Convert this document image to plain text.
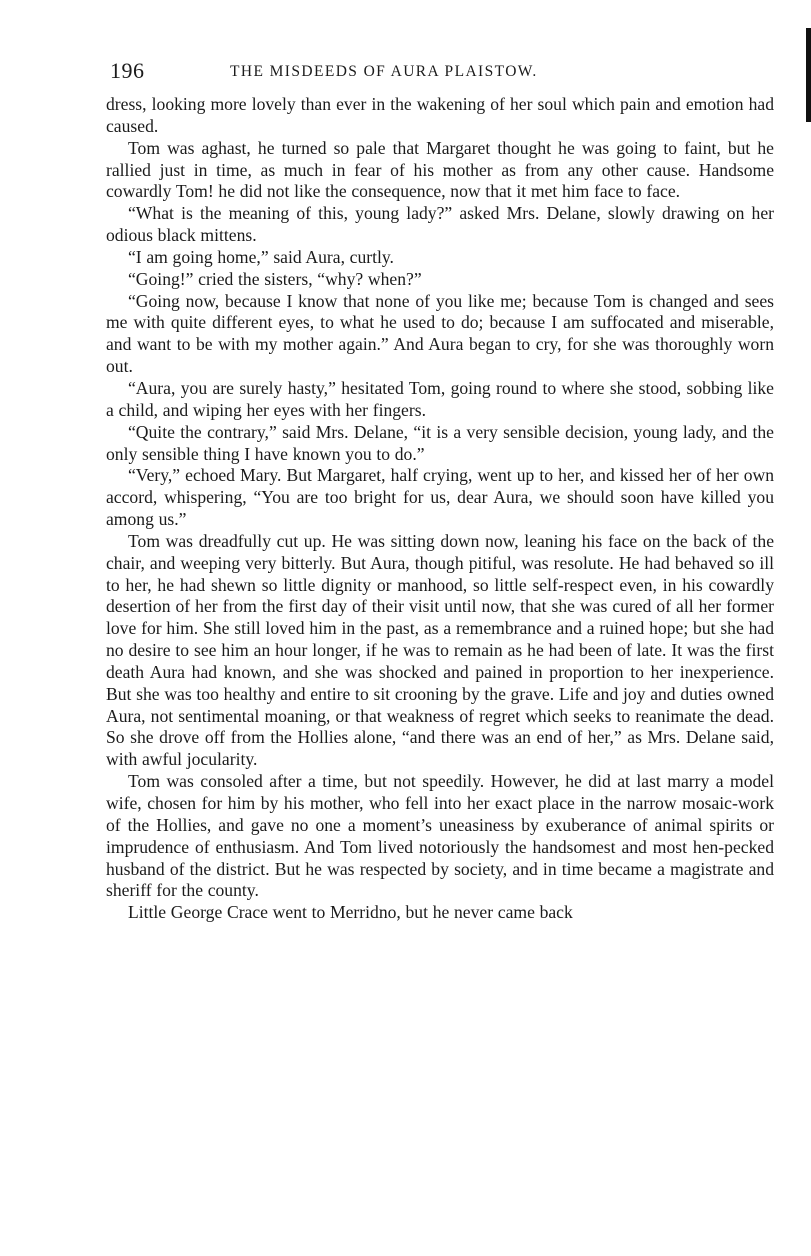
196	THE MISDEEDS OF AURA PLAISTOW.

dress, looking more lovely than ever in the wakening of her soul which pain and emotion had caused.

Tom was aghast, he turned so pale that Margaret thought he was going to faint, but he rallied just in time, as much in fear of his mother as from any other cause. Handsome cowardly Tom! he did not like the consequence, now that it met him face to face.

“What is the meaning of this, young lady?” asked Mrs. Delane, slowly drawing on her odious black mittens.

“I am going home,” said Aura, curtly.

“Going!” cried the sisters, “why? when?”

“Going now, because I know that none of you like me; because Tom is changed and sees me with quite different eyes, to what he used to do; because I am suffocated and miserable, and want to be with my mother again.” And Aura began to cry, for she was thoroughly worn out.

“Aura, you are surely hasty,” hesitated Tom, going round to where she stood, sobbing like a child, and wiping her eyes with her fingers.

“Quite the contrary,” said Mrs. Delane, “it is a very sensible decision, young lady, and the only sensible thing I have known you to do.”

“Very,” echoed Mary. But Margaret, half crying, went up to her, and kissed her of her own accord, whispering, “You are too bright for us, dear Aura, we should soon have killed you among us.”

Tom was dreadfully cut up. He was sitting down now, leaning his face on the back of the chair, and weeping very bitterly. But Aura, though pitiful, was resolute. He had behaved so ill to her, he had shewn so little dignity or manhood, so little self-respect even, in his cowardly desertion of her from the first day of their visit until now, that she was cured of all her former love for him. She still loved him in the past, as a remembrance and a ruined hope; but she had no desire to see him an hour longer, if he was to remain as he had been of late. It was the first death Aura had known, and she was shocked and pained in proportion to her inexperience. But she was too healthy and entire to sit crooning by the grave. Life and joy and duties owned Aura, not sentimental moaning, or that weakness of regret which seeks to reanimate the dead. So she drove off from the Hollies alone, “and there was an end of her,” as Mrs. Delane said, with awful jocularity.

Tom was consoled after a time, but not speedily. However, he did at last marry a model wife, chosen for him by his mother, who fell into her exact place in the narrow mosaic-work of the Hollies, and gave no one a moment’s uneasiness by exuberance of animal spirits or imprudence of enthusiasm. And Tom lived notoriously the handsomest and most hen-pecked husband of the district. But he was respected by society, and in time became a magistrate and sheriff for the county.

Little George Crace went to Merridno, but he never came back
